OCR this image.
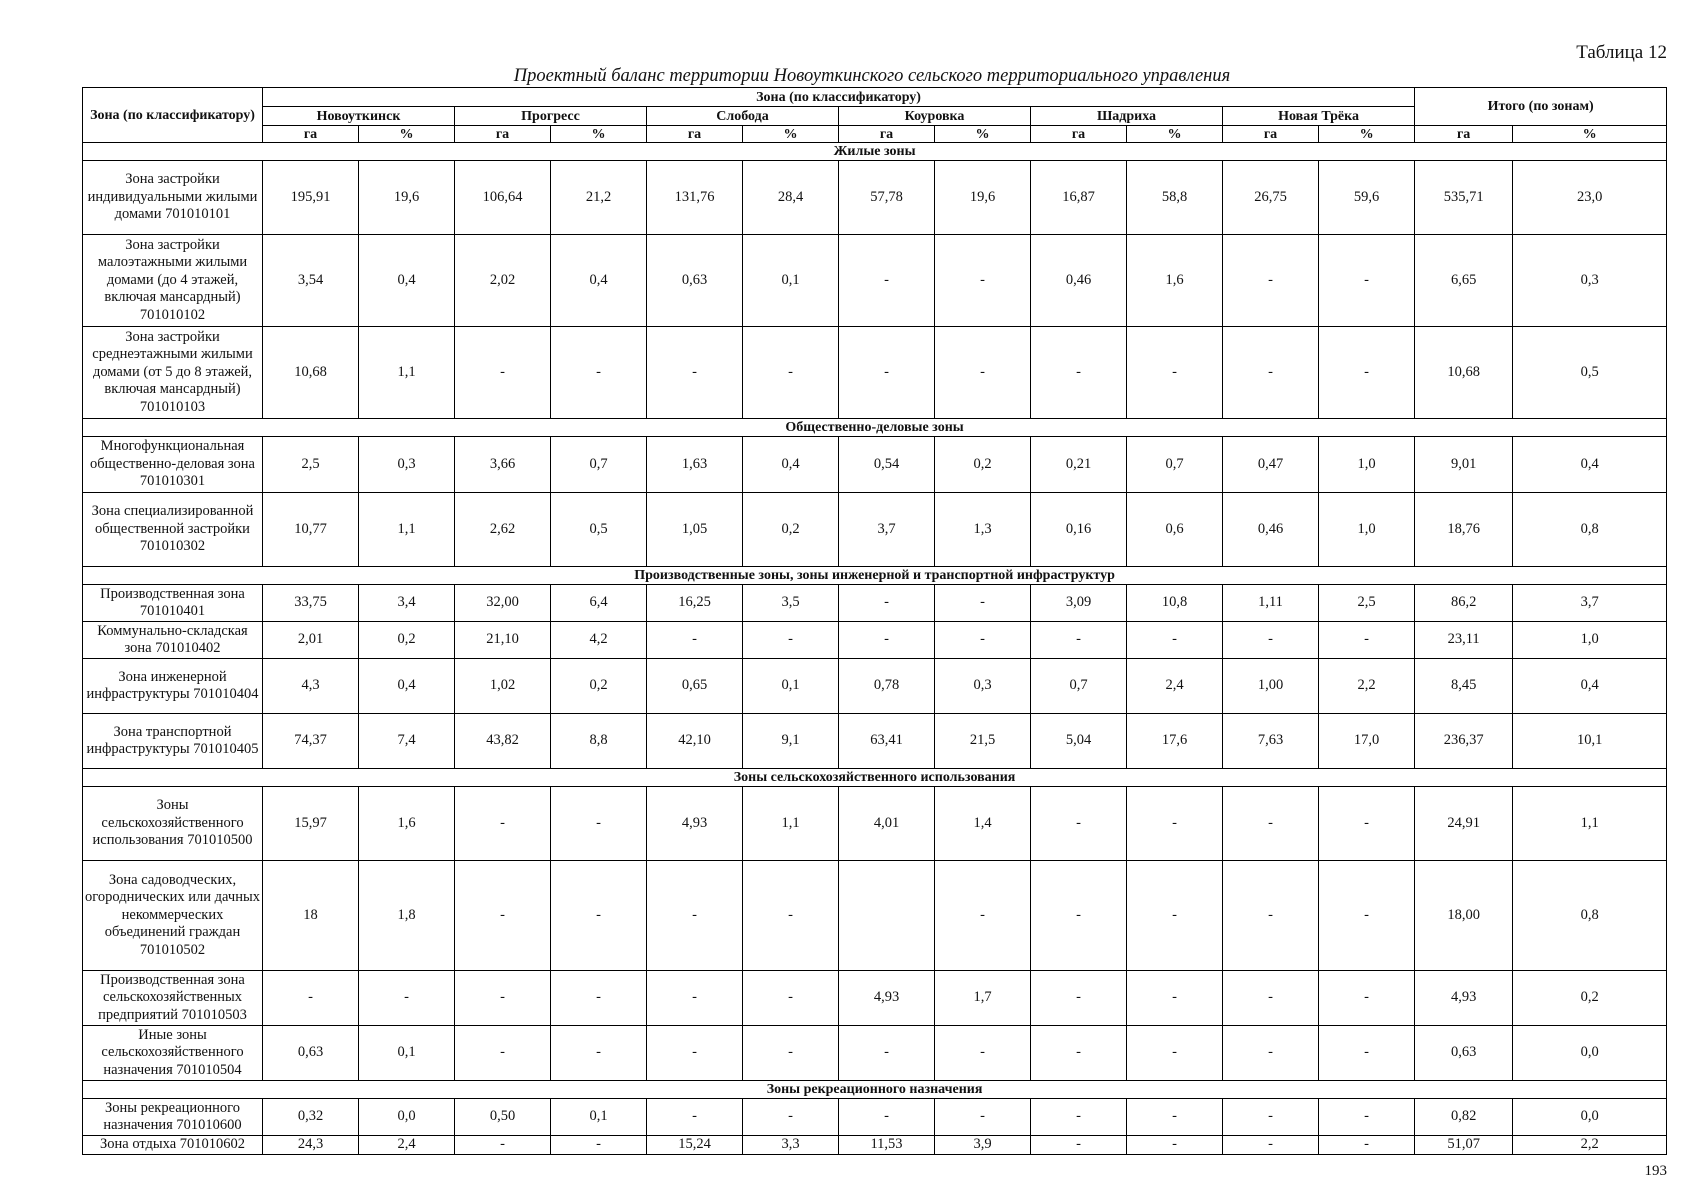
Таблица 12
Проектный баланс территории Новоуткинского сельского территориального управления
Зона (по классификатору)	Зона (по классификатору)												Итого (по зонам)	
	Новоуткинск		Прогресс		Слобода		Коуровка		Шадриха		Новая Трёка			
	га	%	га	%	га	%	га	%	га	%	га	%	га	%
Жилые зоны														
Зона застройки индивидуальными жилыми домами 701010101	195,91	19,6	106,64	21,2	131,76	28,4	57,78	19,6	16,87	58,8	26,75	59,6	535,71	23,0
Зона застройки малоэтажными жилыми домами (до 4 этажей, включая мансардный) 701010102	3,54	0,4	2,02	0,4	0,63	0,1	-	-	0,46	1,6	-	-	6,65	0,3
Зона застройки среднеэтажными жилыми домами (от 5 до 8 этажей, включая мансардный) 701010103	10,68	1,1	-	-	-	-	-	-	-	-	-	-	10,68	0,5
Общественно-деловые зоны														
Многофункциональная общественно-деловая зона 701010301	2,5	0,3	3,66	0,7	1,63	0,4	0,54	0,2	0,21	0,7	0,47	1,0	9,01	0,4
Зона специализированной общественной застройки 701010302	10,77	1,1	2,62	0,5	1,05	0,2	3,7	1,3	0,16	0,6	0,46	1,0	18,76	0,8
Производственные зоны, зоны инженерной и транспортной инфраструктур														
Производственная зона 701010401	33,75	3,4	32,00	6,4	16,25	3,5	-	-	3,09	10,8	1,11	2,5	86,2	3,7
Коммунально-складская зона 701010402	2,01	0,2	21,10	4,2	-	-	-	-	-	-	-	-	23,11	1,0
Зона инженерной инфраструктуры 701010404	4,3	0,4	1,02	0,2	0,65	0,1	0,78	0,3	0,7	2,4	1,00	2,2	8,45	0,4
Зона транспортной инфраструктуры 701010405	74,37	7,4	43,82	8,8	42,10	9,1	63,41	21,5	5,04	17,6	7,63	17,0	236,37	10,1
Зоны сельскохозяйственного использования														
Зоны сельскохозяйственного использования 701010500	15,97	1,6	-	-	4,93	1,1	4,01	1,4	-	-	-	-	24,91	1,1
Зона садоводческих, огороднических или дачных некоммерческих объединений граждан 701010502	18	1,8	-	-	-	-		-	-	-	-	-	18,00	0,8
Производственная зона сельскохозяйственных предприятий 701010503	-	-	-	-	-	-	4,93	1,7	-	-	-	-	4,93	0,2
Иные зоны сельскохозяйственного назначения 701010504	0,63	0,1	-	-	-	-	-	-	-	-	-	-	0,63	0,0
Зоны рекреационного назначения														
Зоны рекреационного назначения 701010600	0,32	0,0	0,50	0,1	-	-	-	-	-	-	-	-	0,82	0,0
Зона отдыха 701010602	24,3	2,4	-	-	15,24	3,3	11,53	3,9	-	-	-	-	51,07	2,2
193
